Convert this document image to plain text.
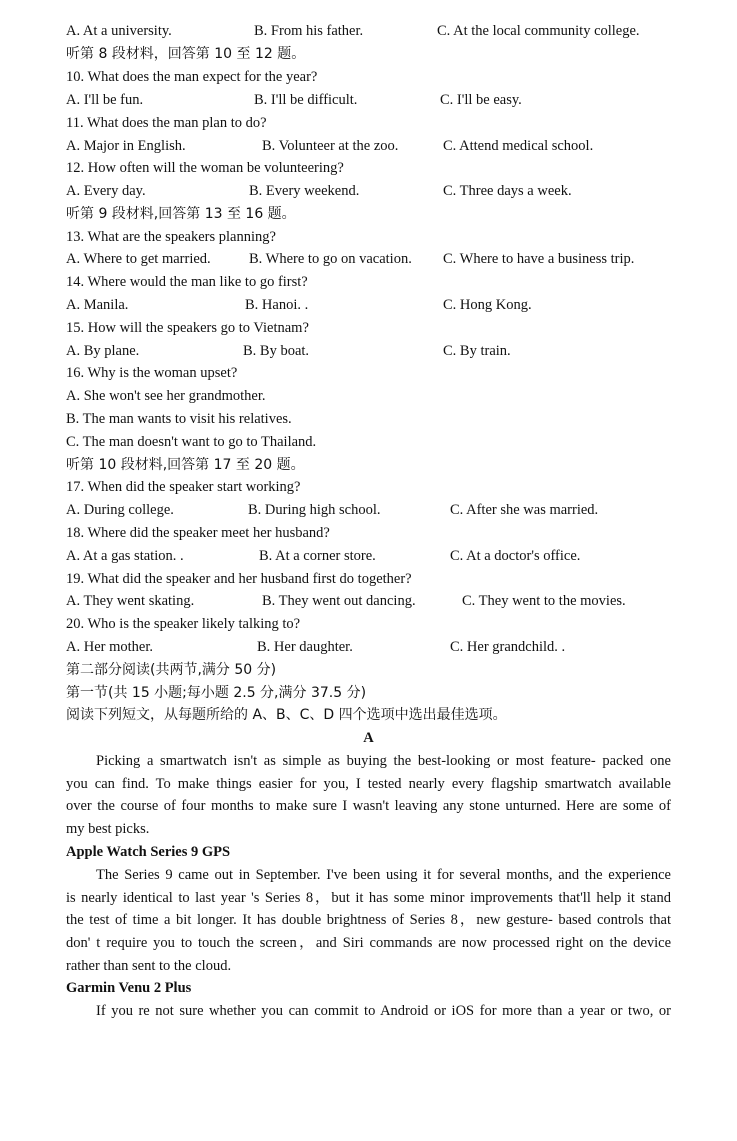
A. At a university.	B. From his father.	C. At the local community college.
听第 8 段材料，回答第 10 至 12 题。
10. What does the man expect for the year?
A. I'll be fun.	B. I'll be difficult.	C. I'll be easy.
11. What does the man plan to do?
A. Major in English.	B. Volunteer at the zoo.	C. Attend medical school.
12. How often will the woman be volunteering?
A. Every day.	B. Every weekend.	C. Three days a week.
听第 9 段材料,回答第 13 至 16 题。
13. What are the speakers planning?
A. Where to get married.	B. Where to go on vacation. C. Where to have a business trip.
14. Where would the man like to go first?
A. Manila.	B. Hanoi. .	C. Hong Kong.
15. How will the speakers go to Vietnam?
A. By plane.	B. By boat.	C. By train.
16. Why is the woman upset?
A. She won't see her grandmother.
B. The man wants to visit his relatives.
C. The man doesn't want to go to Thailand.
听第 10 段材料,回答第 17 至 20 题。
17. When did the speaker start working?
A. During college.	B. During high school.	C. After she was married.
18. Where did the speaker meet her husband?
A. At a gas station. .	B. At a corner store.	C. At a doctor's office.
19. What did the speaker and her husband first do together?
A. They went skating.	B. They went out dancing.	C. They went to the movies.
20. Who is the speaker likely talking to?
A. Her mother.	B. Her daughter.	C. Her grandchild. .
第二部分阅读(共两节,满分 50 分)
第一节(共 15 小题;每小题 2.5 分,满分 37.5 分)
阅读下列短文，从每题所给的 A、B、C、D 四个选项中选出最佳选项。
A
Picking a smartwatch isn't as simple as buying the best-looking or most feature- packed one
you can find. To make things easier for you, I tested nearly every flagship smartwatch available
over the course of four months to make sure I wasn't leaving any stone unturned. Here are some of
my best picks.
Apple Watch Series 9 GPS
The Series 9 came out in September. I've been using it for several months, and the experience
is nearly identical to last year 's Series 8，but it has some minor improvements that'll help it stand
the test of time a bit longer. It has double brightness of Series 8，new gesture- based controls that
don' t require you to touch the screen，and Siri commands are now processed right on the device
rather than sent to the cloud.
Garmin Venu 2 Plus
If you re not sure whether you can commit to Android or iOS for more than a year or two, or
